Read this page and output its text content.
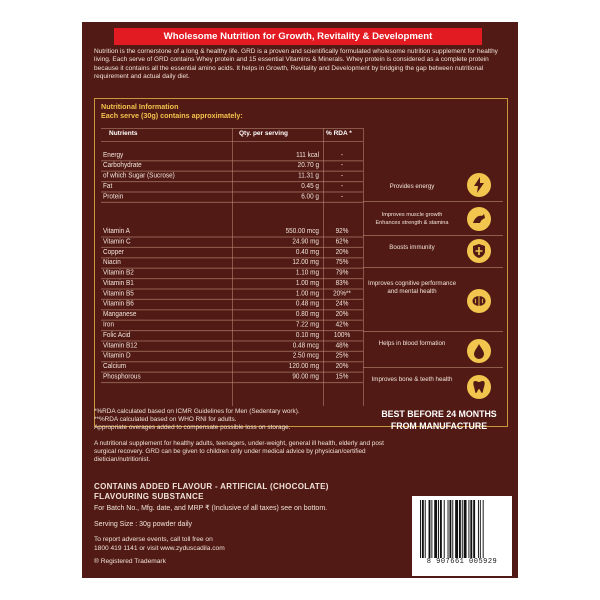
Wholesome Nutrition for Growth, Revitality & Development
Nutrition is the cornerstone of a long & healthy life. GRD is a proven and scientifically formulated wholesome nutrition supplement for healthy living. Each serve of GRD contains Whey protein and 15 essential Vitamins & Minerals. Whey protein is considered as a complete protein because it contains all the essential amino acids. It helps in Growth, Revitality and Development by bridging the gap between nutritional requirement and actual daily diet.
Nutritional Information
Each serve (30g) contains approximately:
Nutrients	Qty. per serving	% RDA *
Energy	111 kcal	-
Carbohydrate	20.70 g	-
of which Sugar (Sucrose)	11.31 g	-
Fat	0.45 g	-
Protein	6.00 g	-
Vitamin A	550.00 mcg	92%
Vitamin C	24.90 mg	62%
Copper	0.40 mg	20%
Niacin	12.00 mg	75%
Vitamin B2	1.10 mg	79%
Vitamin B1	1.00 mg	83%
Vitamin B5	1.00 mg	20%**
Vitamin B6	0.48 mg	24%
Manganese	0.80 mg	20%
Iron	7.22 mg	42%
Folic Acid	0.10 mg	100%
Vitamin B12	0.48 mcg	48%
Vitamin D	2.50 mcg	25%
Calcium	120.00 mg	20%
Phosphorous	90.00 mg	15%
Provides energy
Improves muscle growth
Enhances strength & stamina
Boosts immunity
Improves cognitive performance and mental health
Helps in blood formation
Improves bone & teeth health
BEST BEFORE 24 MONTHS
FROM MANUFACTURE
*%RDA calculated based on ICMR Guidelines for Men (Sedentary work).
**%RDA calculated based on WHO RNI for adults.
Appropriate overages added to compensate possible loss on storage.
A nutritional supplement for healthy adults, teenagers, under-weight, general ill health, elderly and post surgical recovery. GRD can be given to children only under medical advice by physician/certified dietician/nutritionist.
CONTAINS ADDED FLAVOUR - ARTIFICIAL (CHOCOLATE)
FLAVOURING SUBSTANCE
For Batch No., Mfg. date, and MRP ₹ (Inclusive of all taxes) see on bottom.
Serving Size : 30g powder daily
To report adverse events, call toll free on
1800 419 1141 or visit www.zyduscadila.com
® Registered Trademark	8 907661 005929
